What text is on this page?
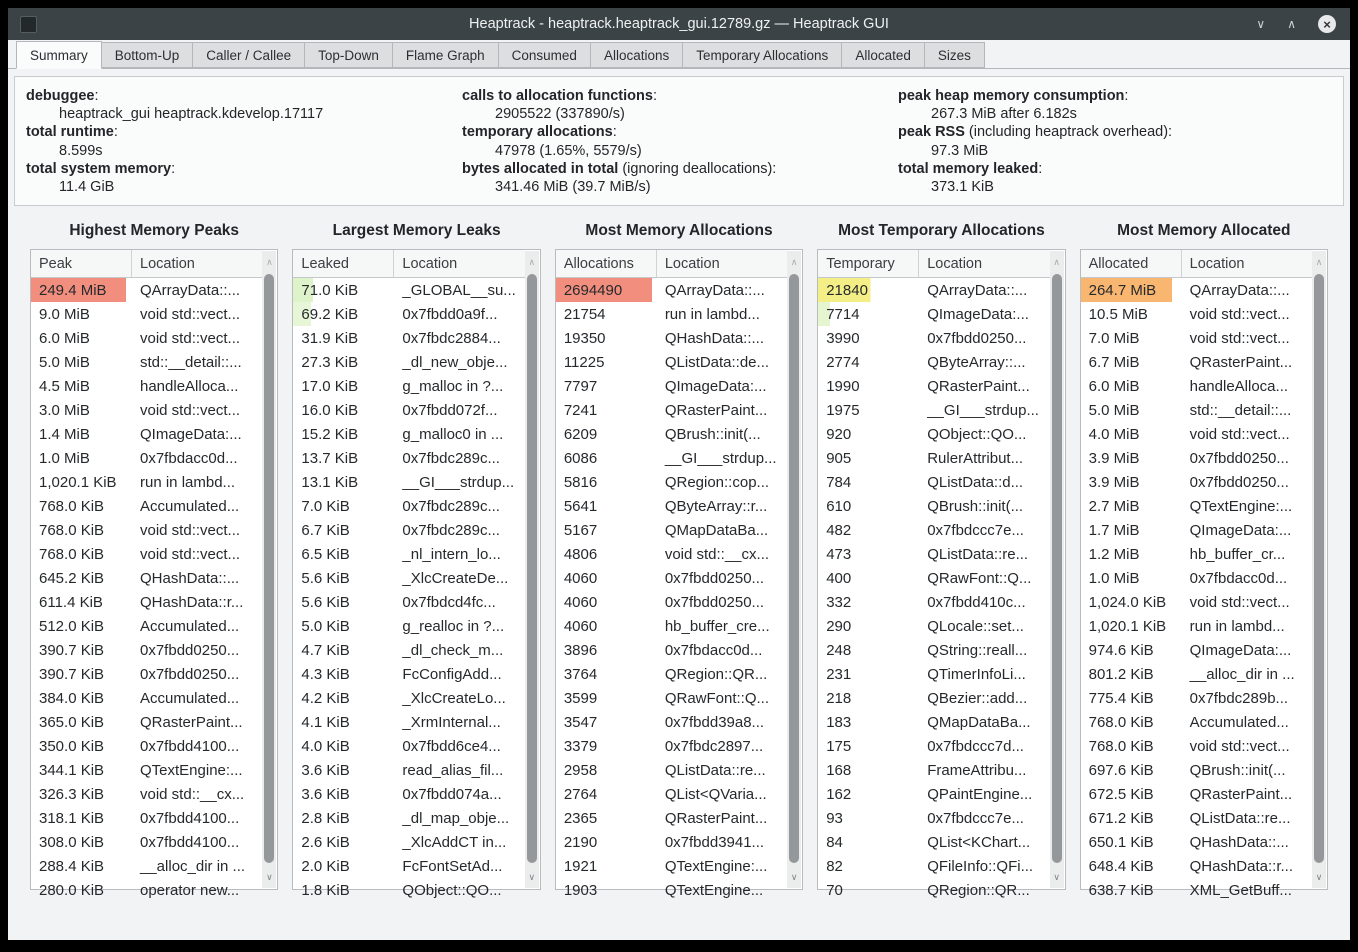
Heaptrack - heaptrack.heaptrack_gui.12789.gz — Heaptrack GUI	∨ ∧	×
Summary	Bottom-Up	Caller / Callee	Top-Down	Flame Graph	Consumed	Allocations	Temporary Allocations	Allocated	Sizes
debuggee:
heaptrack_gui heaptrack.kdevelop.17117
total runtime:
8.599s
total system memory:
11.4 GiB
calls to allocation functions:
2905522 (337890/s)
temporary allocations:
47978 (1.65%, 5579/s)
bytes allocated in total (ignoring deallocations):
341.46 MiB (39.7 MiB/s)
peak heap memory consumption:
267.3 MiB after 6.182s
peak RSS (including heaptrack overhead):
97.3 MiB
total memory leaked:
373.1 KiB
Highest Memory Peaks
Peak	Location
249.4 MiB	QArrayData::...
9.0 MiB	void std::vect...
6.0 MiB	void std::vect...
5.0 MiB	std::__detail::...
4.5 MiB	handleAlloca...
3.0 MiB	void std::vect...
1.4 MiB	QImageData:...
1.0 MiB	0x7fbdacc0d...
1,020.1 KiB	run in lambd...
768.0 KiB	Accumulated...
768.0 KiB	void std::vect...
768.0 KiB	void std::vect...
645.2 KiB	QHashData::...
611.4 KiB	QHashData::r...
512.0 KiB	Accumulated...
390.7 KiB	0x7fbdd0250...
390.7 KiB	0x7fbdd0250...
384.0 KiB	Accumulated...
365.0 KiB	QRasterPaint...
350.0 KiB	0x7fbdd4100...
344.1 KiB	QTextEngine:...
326.3 KiB	void std::__cx...
318.1 KiB	0x7fbdd4100...
308.0 KiB	0x7fbdd4100...
288.4 KiB	__alloc_dir in ...
280.0 KiB	operator new...
∧
∨
Largest Memory Leaks
Leaked	Location
71.0 KiB	_GLOBAL__su...
69.2 KiB	0x7fbdd0a9f...
31.9 KiB	0x7fbdc2884...
27.3 KiB	_dl_new_obje...
17.0 KiB	g_malloc in ?...
16.0 KiB	0x7fbdd072f...
15.2 KiB	g_malloc0 in ...
13.7 KiB	0x7fbdc289c...
13.1 KiB	__GI___strdup...
7.0 KiB	0x7fbdc289c...
6.7 KiB	0x7fbdc289c...
6.5 KiB	_nl_intern_lo...
5.6 KiB	_XlcCreateDe...
5.6 KiB	0x7fbdcd4fc...
5.0 KiB	g_realloc in ?...
4.7 KiB	_dl_check_m...
4.3 KiB	FcConfigAdd...
4.2 KiB	_XlcCreateLo...
4.1 KiB	_XrmInternal...
4.0 KiB	0x7fbdd6ce4...
3.6 KiB	read_alias_fil...
3.6 KiB	0x7fbdd074a...
2.8 KiB	_dl_map_obje...
2.6 KiB	_XlcAddCT in...
2.0 KiB	FcFontSetAd...
1.8 KiB	QObject::QO...
∧
∨
Most Memory Allocations
Allocations	Location
2694490	QArrayData::...
21754	run in lambd...
19350	QHashData::...
11225	QListData::de...
7797	QImageData:...
7241	QRasterPaint...
6209	QBrush::init(...
6086	__GI___strdup...
5816	QRegion::cop...
5641	QByteArray::r...
5167	QMapDataBa...
4806	void std::__cx...
4060	0x7fbdd0250...
4060	0x7fbdd0250...
4060	hb_buffer_cre...
3896	0x7fbdacc0d...
3764	QRegion::QR...
3599	QRawFont::Q...
3547	0x7fbdd39a8...
3379	0x7fbdc2897...
2958	QListData::re...
2764	QList<QVaria...
2365	QRasterPaint...
2190	0x7fbdd3941...
1921	QTextEngine:...
1903	QTextEngine...
∧
∨
Most Temporary Allocations
Temporary	Location
21840	QArrayData::...
7714	QImageData:...
3990	0x7fbdd0250...
2774	QByteArray::...
1990	QRasterPaint...
1975	__GI___strdup...
920	QObject::QO...
905	RulerAttribut...
784	QListData::d...
610	QBrush::init(...
482	0x7fbdccc7e...
473	QListData::re...
400	QRawFont::Q...
332	0x7fbdd410c...
290	QLocale::set...
248	QString::reall...
231	QTimerInfoLi...
218	QBezier::add...
183	QMapDataBa...
175	0x7fbdccc7d...
168	FrameAttribu...
162	QPaintEngine...
93	0x7fbdccc7e...
84	QList<KChart...
82	QFileInfo::QFi...
70	QRegion::QR...
∧
∨
Most Memory Allocated
Allocated	Location
264.7 MiB	QArrayData::...
10.5 MiB	void std::vect...
7.0 MiB	void std::vect...
6.7 MiB	QRasterPaint...
6.0 MiB	handleAlloca...
5.0 MiB	std::__detail::...
4.0 MiB	void std::vect...
3.9 MiB	0x7fbdd0250...
3.9 MiB	0x7fbdd0250...
2.7 MiB	QTextEngine:...
1.7 MiB	QImageData:...
1.2 MiB	hb_buffer_cr...
1.0 MiB	0x7fbdacc0d...
1,024.0 KiB	void std::vect...
1,020.1 KiB	run in lambd...
974.6 KiB	QImageData:...
801.2 KiB	__alloc_dir in ...
775.4 KiB	0x7fbdc289b...
768.0 KiB	Accumulated...
768.0 KiB	void std::vect...
697.6 KiB	QBrush::init(...
672.5 KiB	QRasterPaint...
671.2 KiB	QListData::re...
650.1 KiB	QHashData::...
648.4 KiB	QHashData::r...
638.7 KiB	XML_GetBuff...
∧
∨
